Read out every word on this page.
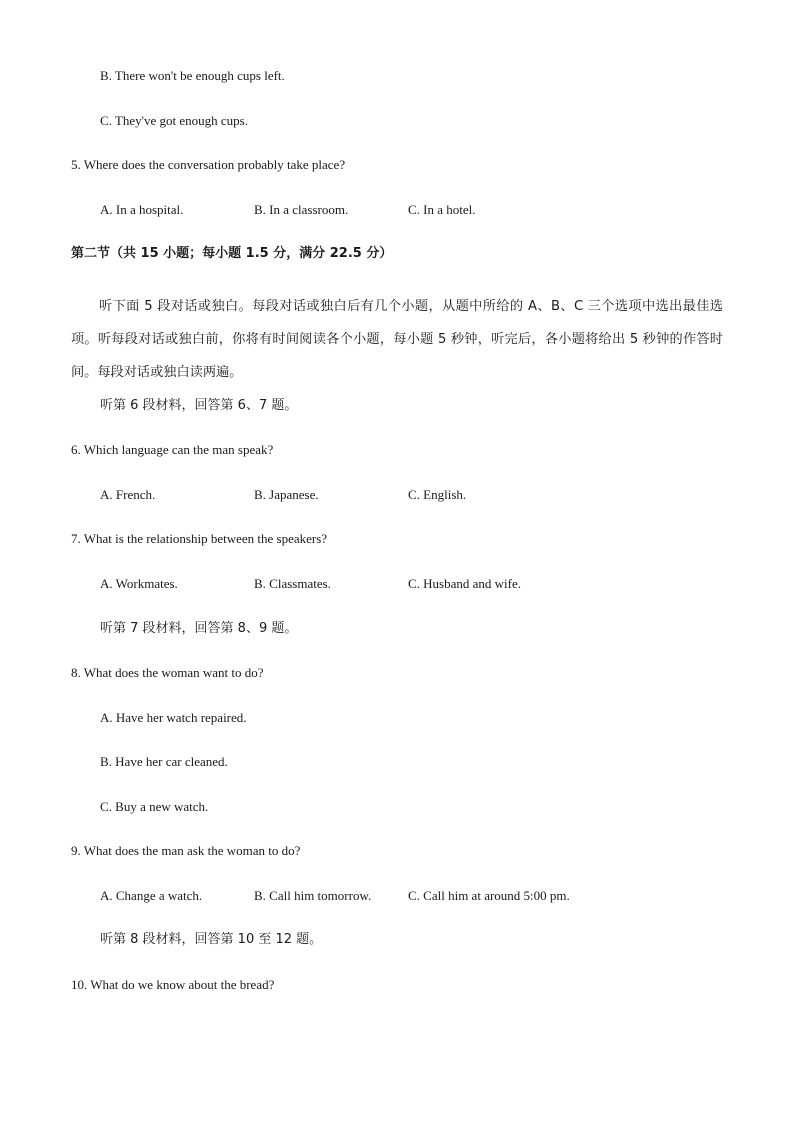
B. There won't be enough cups left.
C. They've got enough cups.
5. Where does the conversation probably take place?
A. In a hospital.	B. In a classroom.	C. In a hotel.
第二节（共 15 小题；每小题 1.5 分，满分 22.5 分）

听下面 5 段对话或独白。每段对话或独白后有几个小题，从题中所给的 A、B、C 三个选项中选出最佳选项。听每段对话或独白前，你将有时间阅读各个小题，每小题 5 秒钟，听完后，各小题将给出 5 秒钟的作答时间。每段对话或独白读两遍。

听第 6 段材料，回答第 6、7 题。
6. Which language can the man speak?
A. French.	B. Japanese.	C. English.
7. What is the relationship between the speakers?
A. Workmates.	B. Classmates.	C. Husband and wife.
听第 7 段材料，回答第 8、9 题。
8. What does the woman want to do?
A. Have her watch repaired.
B. Have her car cleaned.
C. Buy a new watch.
9. What does the man ask the woman to do?
A. Change a watch.	B. Call him tomorrow.	C. Call him at around 5:00 pm.
听第 8 段材料，回答第 10 至 12 题。
10. What do we know about the bread?
